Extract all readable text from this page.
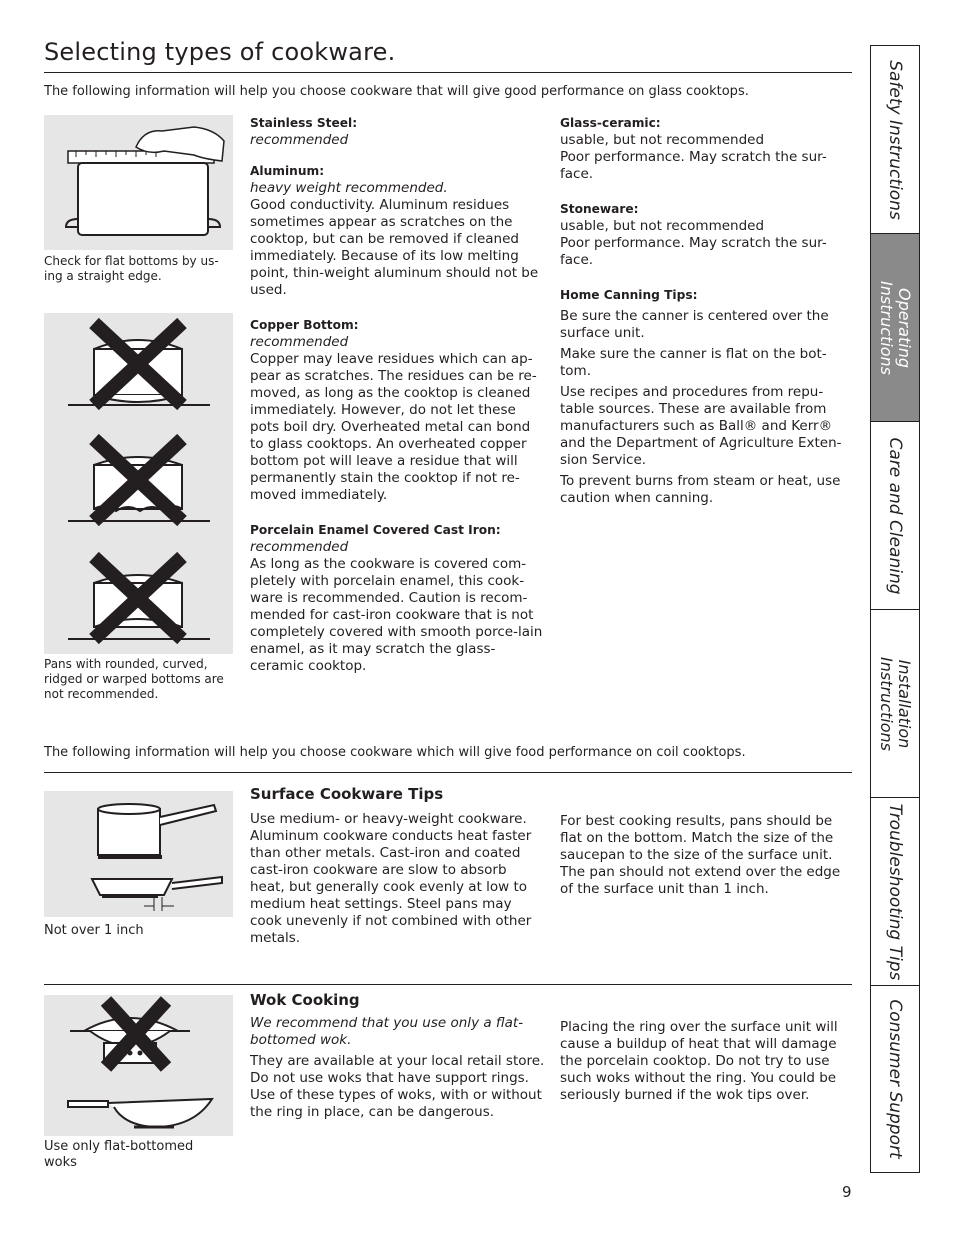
Selecting types of cookware.
The following information will help you choose cookware that will give good performance on glass cooktops.
Check for flat bottoms by us-
ing a straight edge.
Pans with rounded, curved,
ridged or warped bottoms are
not recommended.
Stainless Steel:
recommended
Aluminum:
heavy weight recommended.

Good conductivity. Aluminum residues sometimes appear as scratches on the cooktop, but can be removed if cleaned immediately. Because of its low melting point, thin-weight aluminum should not be used.

Copper Bottom:
recommended

Copper may leave residues which can ap-pear as scratches. The residues can be re-moved, as long as the cooktop is cleaned immediately. However, do not let these pots boil dry. Overheated metal can bond to glass cooktops. An overheated copper bottom pot will leave a residue that will permanently stain the cooktop if not re-moved immediately.

Porcelain Enamel Covered Cast Iron:
recommended

As long as the cookware is covered com-pletely with porcelain enamel, this cook-ware is recommended. Caution is recom-mended for cast-iron cookware that is not completely covered with smooth porce-lain enamel, as it may scratch the glass-ceramic cooktop.

Glass-ceramic:
usable, but not recommended

Poor performance. May scratch the sur-face.

Stoneware:
usable, but not recommended

Poor performance. May scratch the sur-face.

Home Canning Tips:

Be sure the canner is centered over the surface unit.

Make sure the canner is flat on the bot-tom.

Use recipes and procedures from repu-table sources. These are available from manufacturers such as Ball® and Kerr® and the Department of Agriculture Exten-sion Service.

To prevent burns from steam or heat, use caution when canning.

The following information will help you choose cookware which will give food performance on coil cooktops.
Not over 1 inch
Surface Cookware Tips

Use medium- or heavy-weight cookware. Aluminum cookware conducts heat faster than other metals. Cast-iron and coated cast-iron cookware are slow to absorb heat, but generally cook evenly at low to medium heat settings. Steel pans may cook unevenly if not combined with other metals.

For best cooking results, pans should be flat on the bottom. Match the size of the saucepan to the size of the surface unit. The pan should not extend over the edge of the surface unit than 1 inch.

Use only flat-bottomed
woks
Wok Cooking

We recommend that you use only a flat-bottomed wok.

They are available at your local retail store. Do not use woks that have support rings. Use of these types of woks, with or without the ring in place, can be dangerous.

Placing the ring over the surface unit will cause a buildup of heat that will damage the porcelain cooktop. Do not try to use such woks without the ring. You could be seriously burned if the wok tips over.

Safety Instructions
Operating
Instructions
Care and Cleaning
Installation
Instructions
Troubleshooting Tips
Consumer Support
9
